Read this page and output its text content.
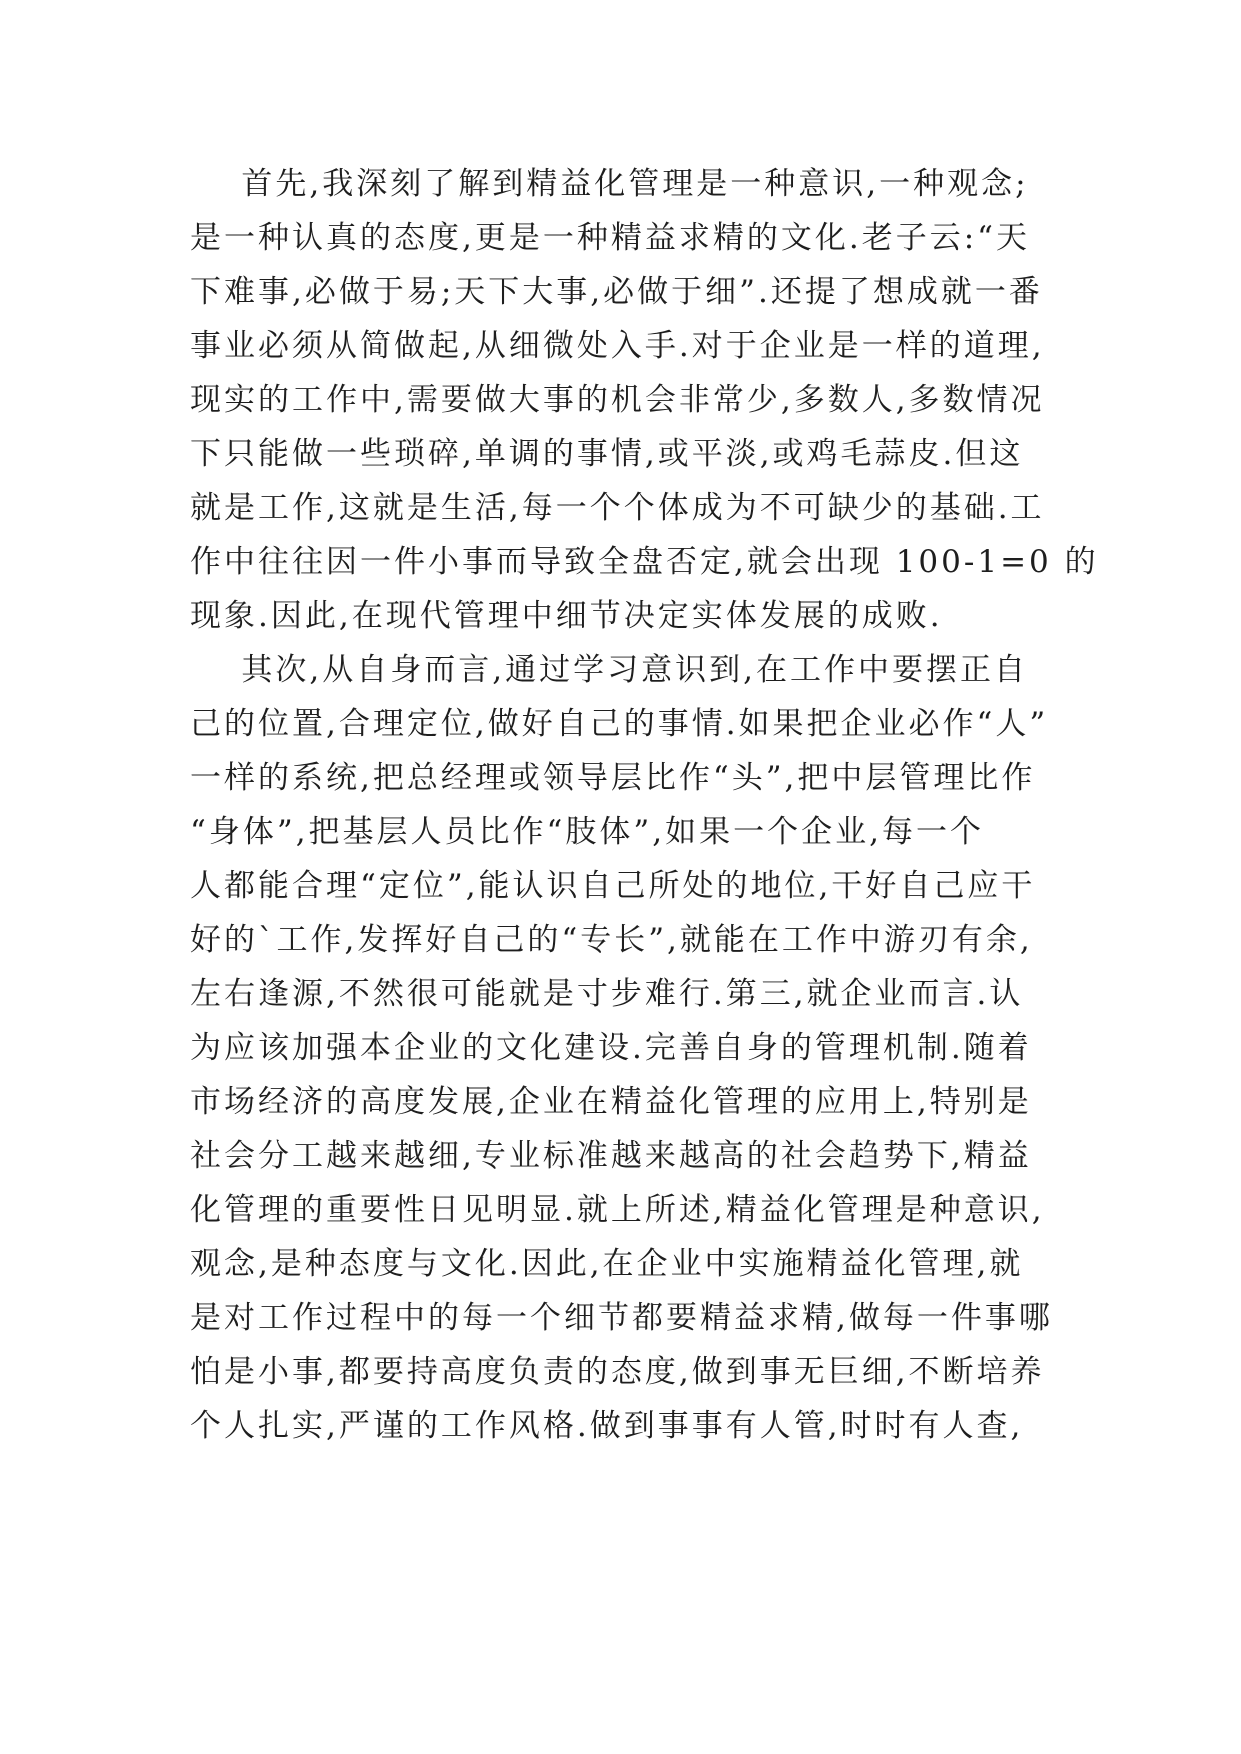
首先,我深刻了解到精益化管理是一种意识,一种观念;
是一种认真的态度,更是一种精益求精的文化.老子云:“天
下难事,必做于易;天下大事,必做于细”.还提了想成就一番
事业必须从简做起,从细微处入手.对于企业是一样的道理,
现实的工作中,需要做大事的机会非常少,多数人,多数情况
下只能做一些琐碎,单调的事情,或平淡,或鸡毛蒜皮.但这
就是工作,这就是生活,每一个个体成为不可缺少的基础.工
作中往往因一件小事而导致全盘否定,就会出现 100-1=0 的
现象.因此,在现代管理中细节决定实体发展的成败.
其次,从自身而言,通过学习意识到,在工作中要摆正自
己的位置,合理定位,做好自己的事情.如果把企业必作“人”
一样的系统,把总经理或领导层比作“头”,把中层管理比作
“身体”,把基层人员比作“肢体”,如果一个企业,每一个
人都能合理“定位”,能认识自己所处的地位,干好自己应干
好的`工作,发挥好自己的“专长”,就能在工作中游刃有余,
左右逢源,不然很可能就是寸步难行.第三,就企业而言.认
为应该加强本企业的文化建设.完善自身的管理机制.随着
市场经济的高度发展,企业在精益化管理的应用上,特别是
社会分工越来越细,专业标准越来越高的社会趋势下,精益
化管理的重要性日见明显.就上所述,精益化管理是种意识,
观念,是种态度与文化.因此,在企业中实施精益化管理,就
是对工作过程中的每一个细节都要精益求精,做每一件事哪
怕是小事,都要持高度负责的态度,做到事无巨细,不断培养
个人扎实,严谨的工作风格.做到事事有人管,时时有人查,
